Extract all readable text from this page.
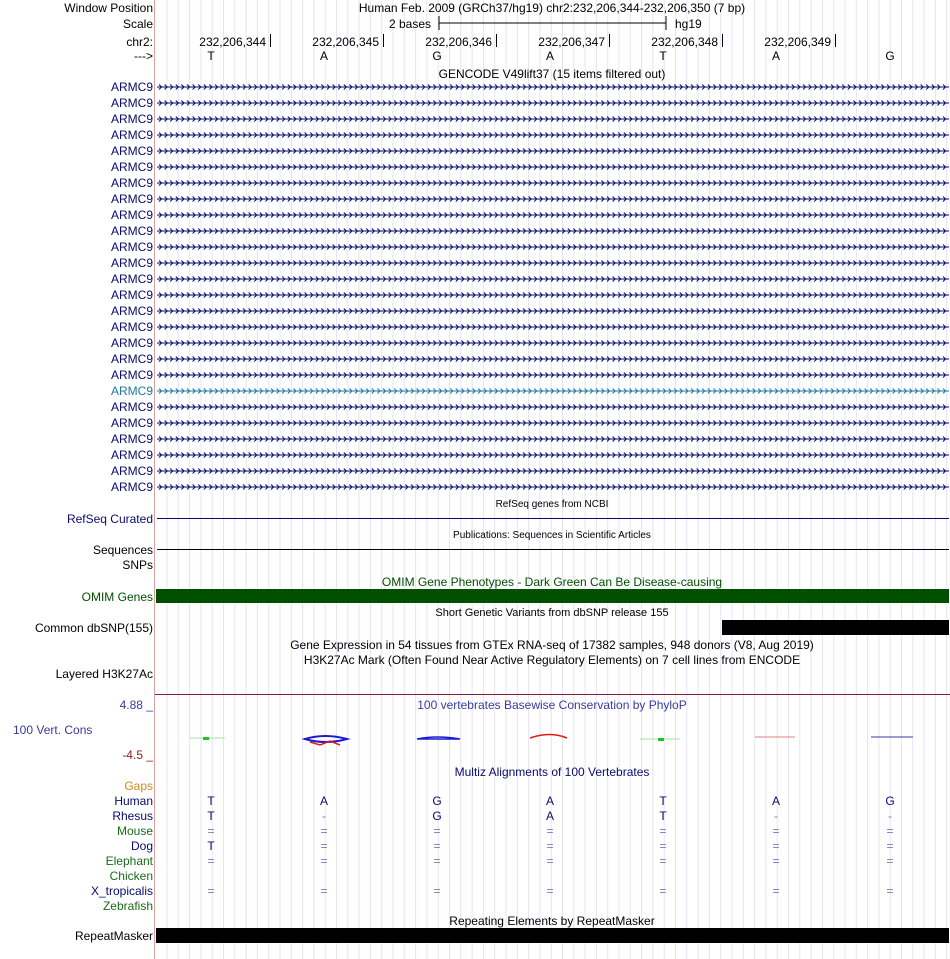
Window Position
Scale
chr2:
--->
Human Feb. 2009 (GRCh37/hg19) chr2:232,206,344-232,206,350 (7 bp)
2 bases	hg19
232,206,344	232,206,345	232,206,346	232,206,347	232,206,348	232,206,349
T	A	G	A	T	A	G
GENCODE V49lift37 (15 items filtered out)
ARMC9
ARMC9
ARMC9
ARMC9
ARMC9
ARMC9
ARMC9
ARMC9
ARMC9
ARMC9
ARMC9
ARMC9
ARMC9
ARMC9
ARMC9
ARMC9
ARMC9
ARMC9
ARMC9
ARMC9
ARMC9
ARMC9
ARMC9
ARMC9
ARMC9
ARMC9
RefSeq genes from NCBI
RefSeq Curated
Publications: Sequences in Scientific Articles
Sequences
SNPs
OMIM Gene Phenotypes - Dark Green Can Be Disease-causing
OMIM Genes
Short Genetic Variants from dbSNP release 155
Common dbSNP(155)
Gene Expression in 54 tissues from GTEx RNA-seq of 17382 samples, 948 donors (V8, Aug 2019)
H3K27Ac Mark (Often Found Near Active Regulatory Elements) on 7 cell lines from ENCODE
Layered H3K27Ac
100 vertebrates Basewise Conservation by PhyloP
4.88 _
100 Vert. Cons
-4.5 _
Multiz Alignments of 100 Vertebrates
Gaps
Human	T	A	G	A	T	A	G
Rhesus	T	-	G	A	T	-	-
Mouse	=	=	=	=	=	=	=
Dog	T	=	=	=	=	=	=
Elephant	=	=	=	=	=	=	=
Chicken
X_tropicalis	=	=	=	=	=	=	=
Zebrafish
Repeating Elements by RepeatMasker
RepeatMasker
